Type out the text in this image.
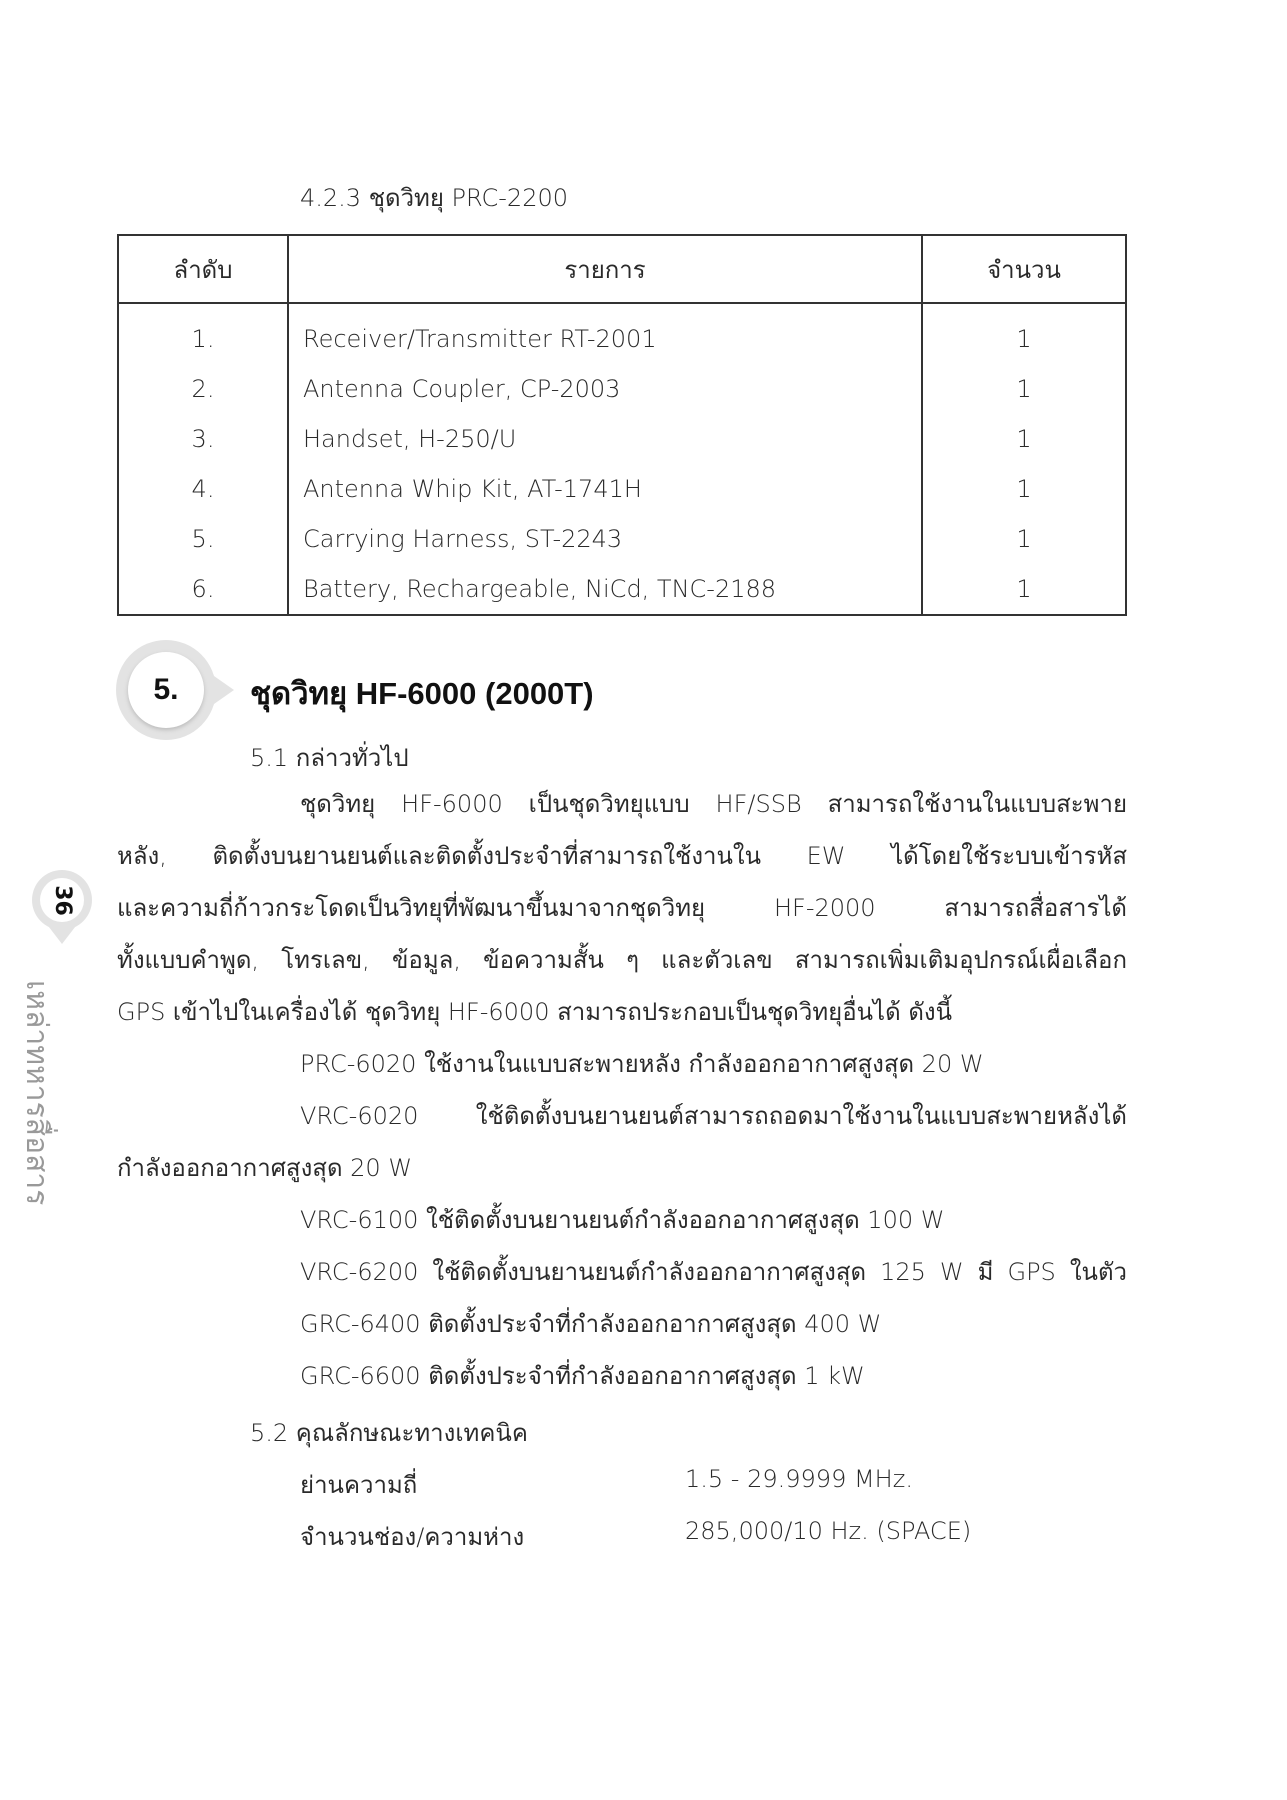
4.2.3 ชุดวิทยุ PRC-2200
ลำดับ	รายการ	จำนวน
1.	Receiver/Transmitter RT-2001	1
2.	Antenna Coupler, CP-2003	1
3.	Handset, H-250/U	1
4.	Antenna Whip Kit, AT-1741H	1
5.	Carrying Harness, ST-2243	1
6.	Battery, Rechargeable, NiCd, TNC-2188	1
5.	ชุดวิทยุ HF-6000 (2000T)
5.1 กล่าวทั่วไป
ชุดวิทยุ HF-6000 เป็นชุดวิทยุแบบ HF/SSB สามารถใช้งานในแบบสะพาย
หลัง, ติดตั้งบนยานยนต์และติดตั้งประจำที่สามารถใช้งานใน EW ได้โดยใช้ระบบเข้ารหัส
และความถี่ก้าวกระโดดเป็นวิทยุที่พัฒนาขึ้นมาจากชุดวิทยุ HF-2000 สามารถสื่อสารได้
ทั้งแบบคำพูด, โทรเลข, ข้อมูล, ข้อความสั้น ๆ และตัวเลข สามารถเพิ่มเติมอุปกรณ์เผื่อเลือก
GPS เข้าไปในเครื่องได้ ชุดวิทยุ HF-6000 สามารถประกอบเป็นชุดวิทยุอื่นได้ ดังนี้
PRC-6020 ใช้งานในแบบสะพายหลัง กำลังออกอากาศสูงสุด 20 W
VRC-6020 ใช้ติดตั้งบนยานยนต์สามารถถอดมาใช้งานในแบบสะพายหลังได้
กำลังออกอากาศสูงสุด 20 W
VRC-6100 ใช้ติดตั้งบนยานยนต์กำลังออกอากาศสูงสุด 100 W
VRC-6200 ใช้ติดตั้งบนยานยนต์กำลังออกอากาศสูงสุด 125 W มี GPS ในตัว
GRC-6400 ติดตั้งประจำที่กำลังออกอากาศสูงสุด 400 W
GRC-6600 ติดตั้งประจำที่กำลังออกอากาศสูงสุด 1 kW
5.2 คุณลักษณะทางเทคนิค
ย่านความถี่	1.5 - 29.9999 MHz.
จำนวนช่อง/ความห่าง	285,000/10 Hz. (SPACE)
36
เหล่าทหารสื่อสาร
